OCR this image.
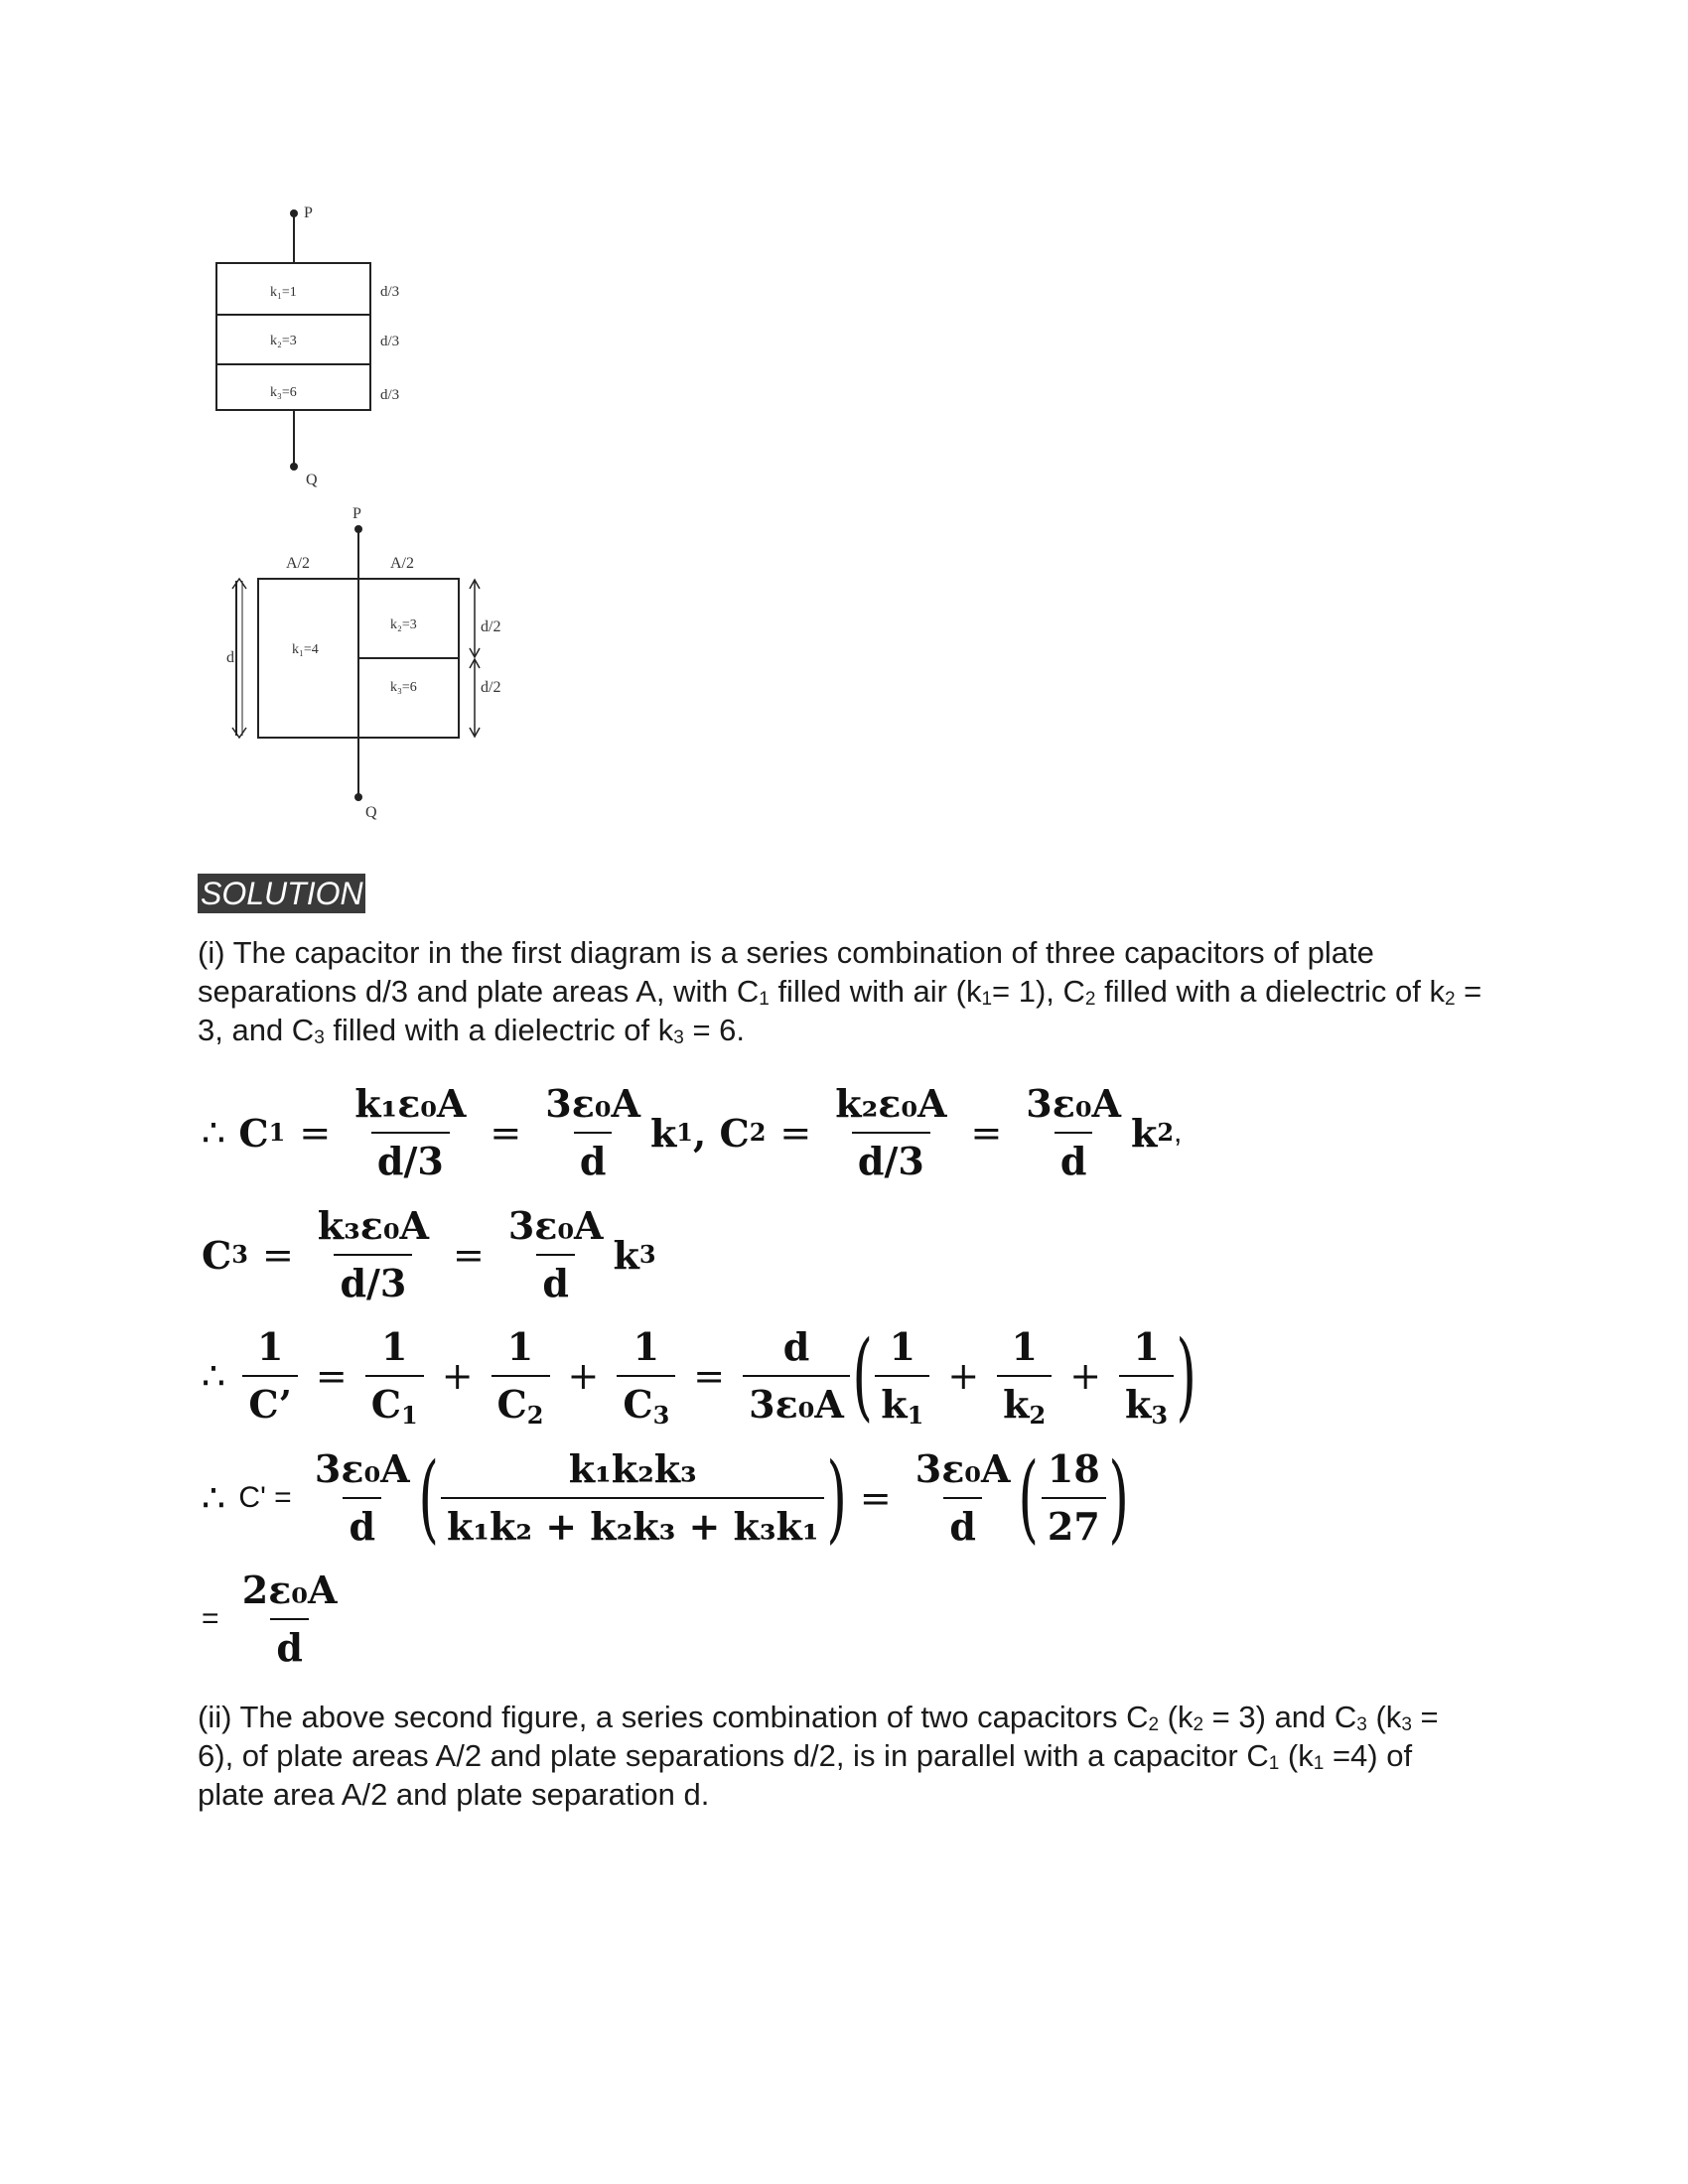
P
k₁=1
k₂=3
k₃=6
d/3
d/3
d/3
Q
P
A/2	A/2
k₁=4
k₂=3
k₃=6
d
d/2
d/2
Q
SOLUTION
(i) The capacitor in the first diagram is a series combination of three capacitors of plate separations d/3 and plate areas A, with $C_1$ filled with air $(k_1= 1)$, $C_2$ filled with a dielectric of $k_2 = 3$, and $C_3$ filled with a dielectric of $k_3 = 6$.
∴
C $1 = \frac{\text{k₁ε₀A}}{d/3} = \frac{\text{3ε₀A}}{d}$ k 1 ,
C $2 = \frac{\text{k₂ε₀A}}{d/3} = \frac{\text{3ε₀A}}{d}$ k 2 ,
C $3 = \frac{\text{k₃ε₀A}}{d/3} = \frac{\text{3ε₀A}}{d}$ k 3
∴
$\frac{1}{C’} = \frac{1}{C_1} + \frac{1}{C_2} + \frac{1}{C_3} = \frac{d}{\text{3ε₀A}}$ ( $\frac{1}{k_1} + \frac{1}{k_2} + \frac{1}{k_3}$ )
∴
C' =
$\frac{\text{3ε₀A}}{d}$ ( $\frac{\text{k₁k₂k₃}}{\text{k₁k₂ + k₂k₃ + k₃k₁}}$ ) = $\frac{\text{3ε₀A}}{d}$ ( $\frac{18}{27}$ )
=
$\frac{\text{2ε₀A}}{d}$
(ii) The above second figure, a series combination of two capacitors $C_2$ $(k_2 = 3)$ and $C_3$ $(k_3 = 6)$, of plate areas A/2 and plate separations d/2, is in parallel with a capacitor $C_1$ $(k_1 =4)$ of plate area A/2 and plate separation d.
